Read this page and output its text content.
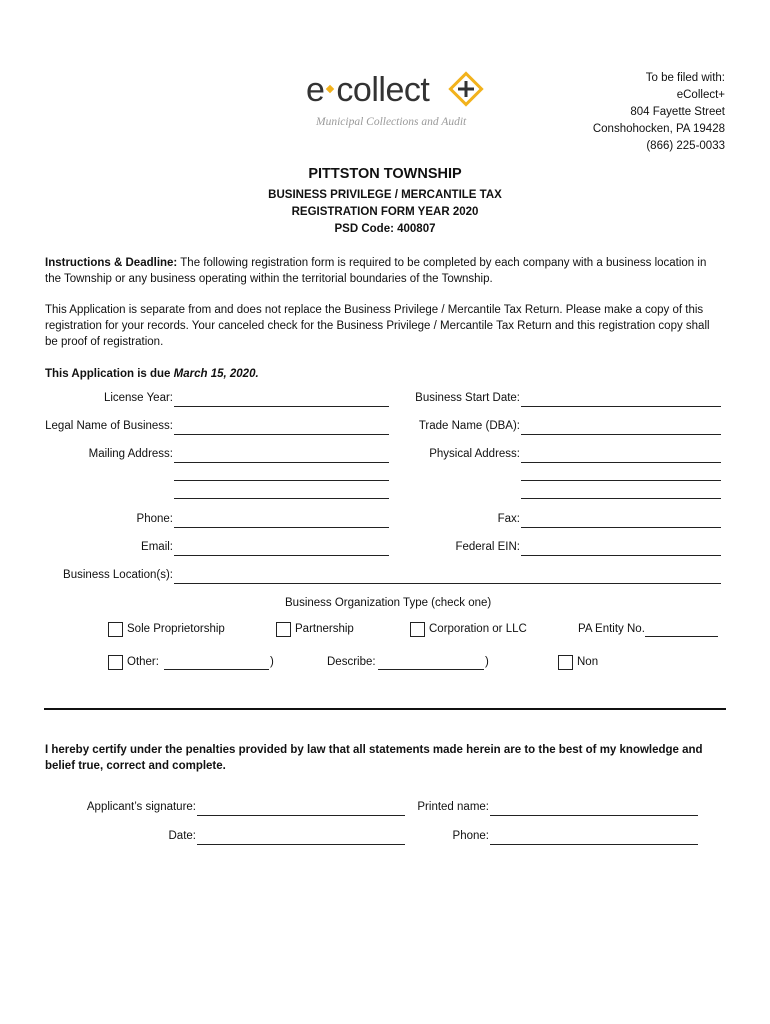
e collect
Municipal Collections and Audit
To be filed with:
eCollect+
804 Fayette Street
Conshohocken, PA 19428
(866) 225-0033
PITTSTON TOWNSHIP
BUSINESS PRIVILEGE / MERCANTILE TAX
REGISTRATION FORM YEAR 2020
PSD Code: 400807
Instructions & Deadline: The following registration form is required to be completed by each company with a business location in the Township or any business operating within the territorial boundaries of the Township.
This Application is separate from and does not replace the Business Privilege / Mercantile Tax Return. Please make a copy of this registration for your records. Your canceled check for the Business Privilege / Mercantile Tax Return and this registration copy shall be proof of registration.
This Application is due March 15, 2020.
License Year:	Business Start Date:
Legal Name of Business:	Trade Name (DBA):
Mailing Address:	Physical Address:
Phone:	Fax:
Email:	Federal EIN:
Business Location(s):
Business Organization Type (check one)
Sole Proprietorship	Partnership	Corporation or LLC	PA Entity No.
Other:	)	Describe:	)	Non
I hereby certify under the penalties provided by law that all statements made herein are to the best of my knowledge and belief true, correct and complete.
Applicant’s signature:	Printed name:
Date:	Phone:
